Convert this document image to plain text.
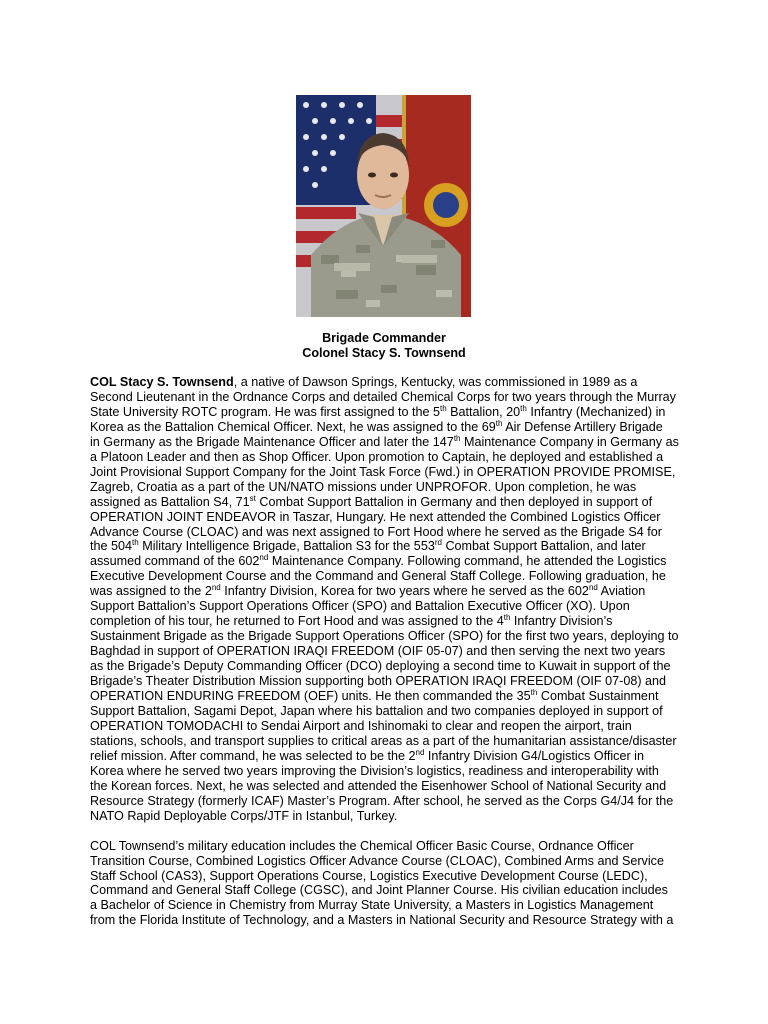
Brigade Commander
Colonel Stacy S. Townsend

COL Stacy S. Townsend, a native of Dawson Springs, Kentucky, was commissioned in 1989 as a
Second Lieutenant in the Ordnance Corps and detailed Chemical Corps for two years through the Murray
State University ROTC program. He was first assigned to the 5th Battalion, 20th Infantry (Mechanized) in
Korea as the Battalion Chemical Officer. Next, he was assigned to the 69th Air Defense Artillery Brigade
in Germany as the Brigade Maintenance Officer and later the 147th Maintenance Company in Germany as
a Platoon Leader and then as Shop Officer. Upon promotion to Captain, he deployed and established a
Joint Provisional Support Company for the Joint Task Force (Fwd.) in OPERATION PROVIDE PROMISE,
Zagreb, Croatia as a part of the UN/NATO missions under UNPROFOR. Upon completion, he was
assigned as Battalion S4, 71st Combat Support Battalion in Germany and then deployed in support of
OPERATION JOINT ENDEAVOR in Taszar, Hungary. He next attended the Combined Logistics Officer
Advance Course (CLOAC) and was next assigned to Fort Hood where he served as the Brigade S4 for
the 504th Military Intelligence Brigade, Battalion S3 for the 553rd Combat Support Battalion, and later
assumed command of the 602nd Maintenance Company. Following command, he attended the Logistics
Executive Development Course and the Command and General Staff College. Following graduation, he
was assigned to the 2nd Infantry Division, Korea for two years where he served as the 602nd Aviation
Support Battalion’s Support Operations Officer (SPO) and Battalion Executive Officer (XO). Upon
completion of his tour, he returned to Fort Hood and was assigned to the 4th Infantry Division’s
Sustainment Brigade as the Brigade Support Operations Officer (SPO) for the first two years, deploying to
Baghdad in support of OPERATION IRAQI FREEDOM (OIF 05-07) and then serving the next two years
as the Brigade’s Deputy Commanding Officer (DCO) deploying a second time to Kuwait in support of the
Brigade’s Theater Distribution Mission supporting both OPERATION IRAQI FREEDOM (OIF 07-08) and
OPERATION ENDURING FREEDOM (OEF) units. He then commanded the 35th Combat Sustainment
Support Battalion, Sagami Depot, Japan where his battalion and two companies deployed in support of
OPERATION TOMODACHI to Sendai Airport and Ishinomaki to clear and reopen the airport, train
stations, schools, and transport supplies to critical areas as a part of the humanitarian assistance/disaster
relief mission. After command, he was selected to be the 2nd Infantry Division G4/Logistics Officer in
Korea where he served two years improving the Division’s logistics, readiness and interoperability with
the Korean forces. Next, he was selected and attended the Eisenhower School of National Security and
Resource Strategy (formerly ICAF) Master’s Program. After school, he served as the Corps G4/J4 for the
NATO Rapid Deployable Corps/JTF in Istanbul, Turkey.

COL Townsend’s military education includes the Chemical Officer Basic Course, Ordnance Officer
Transition Course, Combined Logistics Officer Advance Course (CLOAC), Combined Arms and Service
Staff School (CAS3), Support Operations Course, Logistics Executive Development Course (LEDC),
Command and General Staff College (CGSC), and Joint Planner Course. His civilian education includes
a Bachelor of Science in Chemistry from Murray State University, a Masters in Logistics Management
from the Florida Institute of Technology, and a Masters in National Security and Resource Strategy with a
